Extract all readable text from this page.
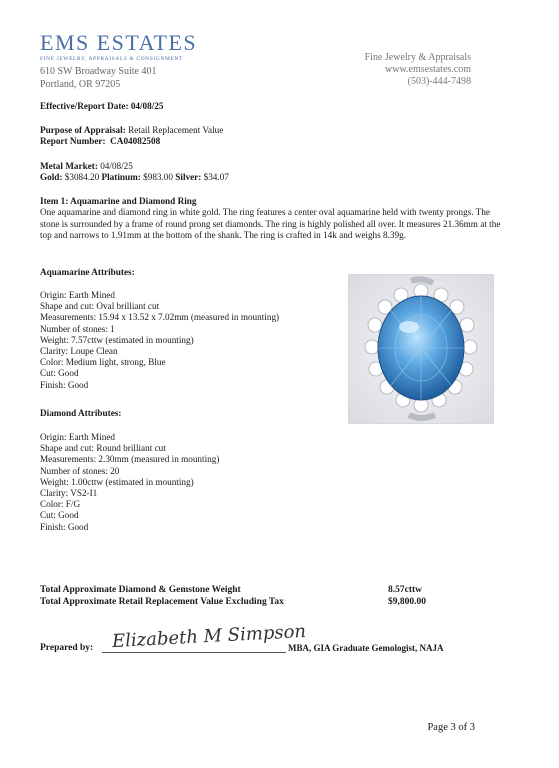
EMS ESTATES
FINE JEWELRY, APPRAISALS & CONSIGNMENT
610 SW Broadway Suite 401
Portland, OR 97205
Fine Jewelry & Appraisals
www.emsestates.com
(503)-444-7498
Effective/Report Date: 04/08/25
Purpose of Appraisal: Retail Replacement Value
Report Number: CA04082508
Metal Market: 04/08/25
Gold: $3084.20 Platinum: $983.00 Silver: $34.07
Item 1: Aquamarine and Diamond Ring
One aquamarine and diamond ring in white gold. The ring features a center oval aquamarine held with twenty prongs. The stone is surrounded by a frame of round prong set diamonds. The ring is highly polished all over. It measures 21.36mm at the top and narrows to 1.91mm at the bottom of the shank. The ring is crafted in 14k and weighs 8.39g.
Aquamarine Attributes:
Origin: Earth Mined
Shape and cut: Oval brilliant cut
Measurements: 15.94 x 13.52 x 7.02mm (measured in mounting)
Number of stones: 1
Weight: 7.57cttw (estimated in mounting)
Clarity: Loupe Clean
Color: Medium light, strong, Blue
Cut: Good
Finish: Good
Diamond Attributes:
Origin: Earth Mined
Shape and cut: Round brilliant cut
Measurements: 2.30mm (measured in mounting)
Number of stones: 20
Weight: 1.00cttw (estimated in mounting)
Clarity: VS2-I1
Color: F/G
Cut: Good
Finish: Good
Total Approximate Diamond & Gemstone Weight	8.57cttw
Total Approximate Retail Replacement Value Excluding Tax	$9,800.00
Prepared by: Elizabeth M Simpson
MBA, GIA Graduate Gemologist, NAJA
Page 3 of 3
